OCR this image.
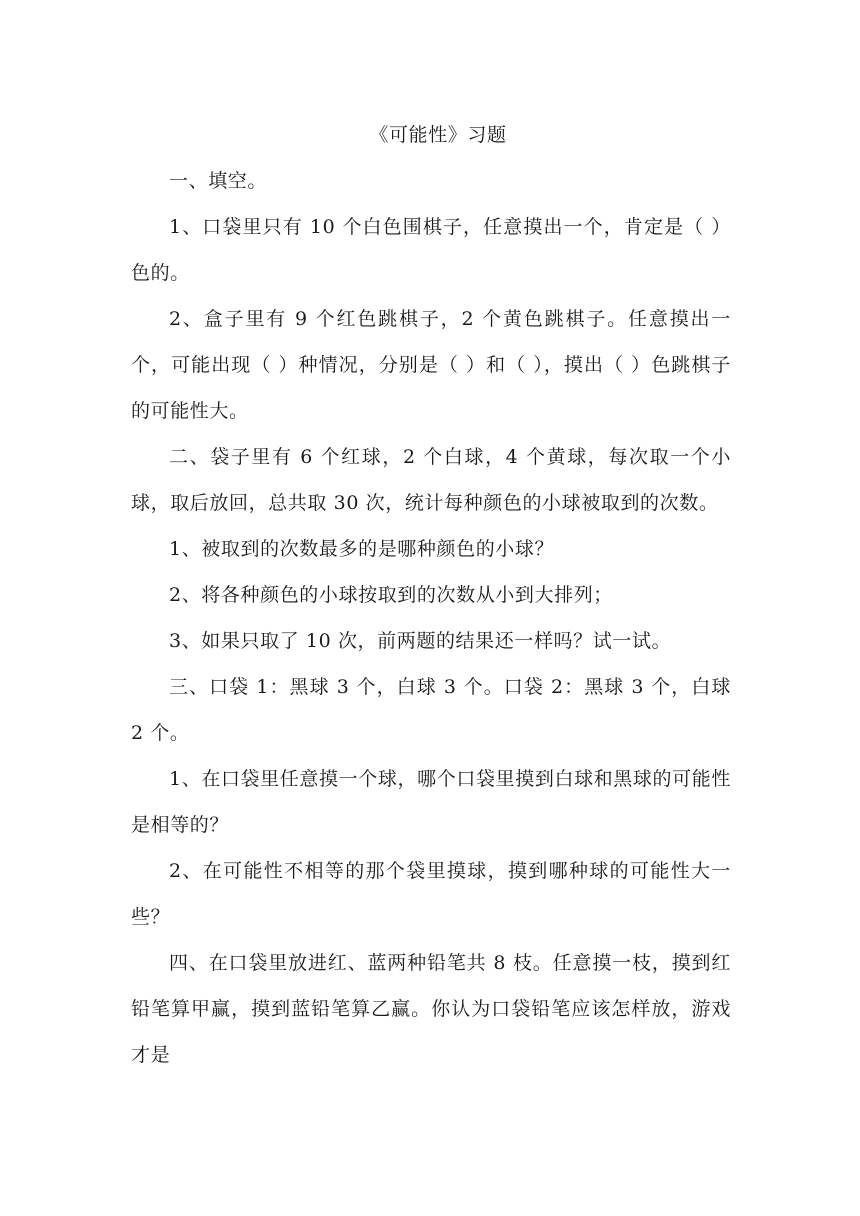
《可能性》习题

一、填空。

1、口袋里只有 10 个白色围棋子，任意摸出一个，肯定是（ ）色的。

2、盒子里有 9 个红色跳棋子，2 个黄色跳棋子。任意摸出一个，可能出现（ ）种情况，分别是（ ）和（ ），摸出（ ）色跳棋子的可能性大。

二、袋子里有 6 个红球，2 个白球，4 个黄球，每次取一个小球，取后放回，总共取 30 次，统计每种颜色的小球被取到的次数。

1、被取到的次数最多的是哪种颜色的小球？

2、将各种颜色的小球按取到的次数从小到大排列；

3、如果只取了 10 次，前两题的结果还一样吗？试一试。

三、口袋 1：黑球 3 个，白球 3 个。口袋 2：黑球 3 个，白球 2 个。

1、在口袋里任意摸一个球，哪个口袋里摸到白球和黑球的可能性是相等的？

2、在可能性不相等的那个袋里摸球，摸到哪种球的可能性大一些？

四、在口袋里放进红、蓝两种铅笔共 8 枝。任意摸一枝，摸到红铅笔算甲赢，摸到蓝铅笔算乙赢。你认为口袋铅笔应该怎样放，游戏才是
